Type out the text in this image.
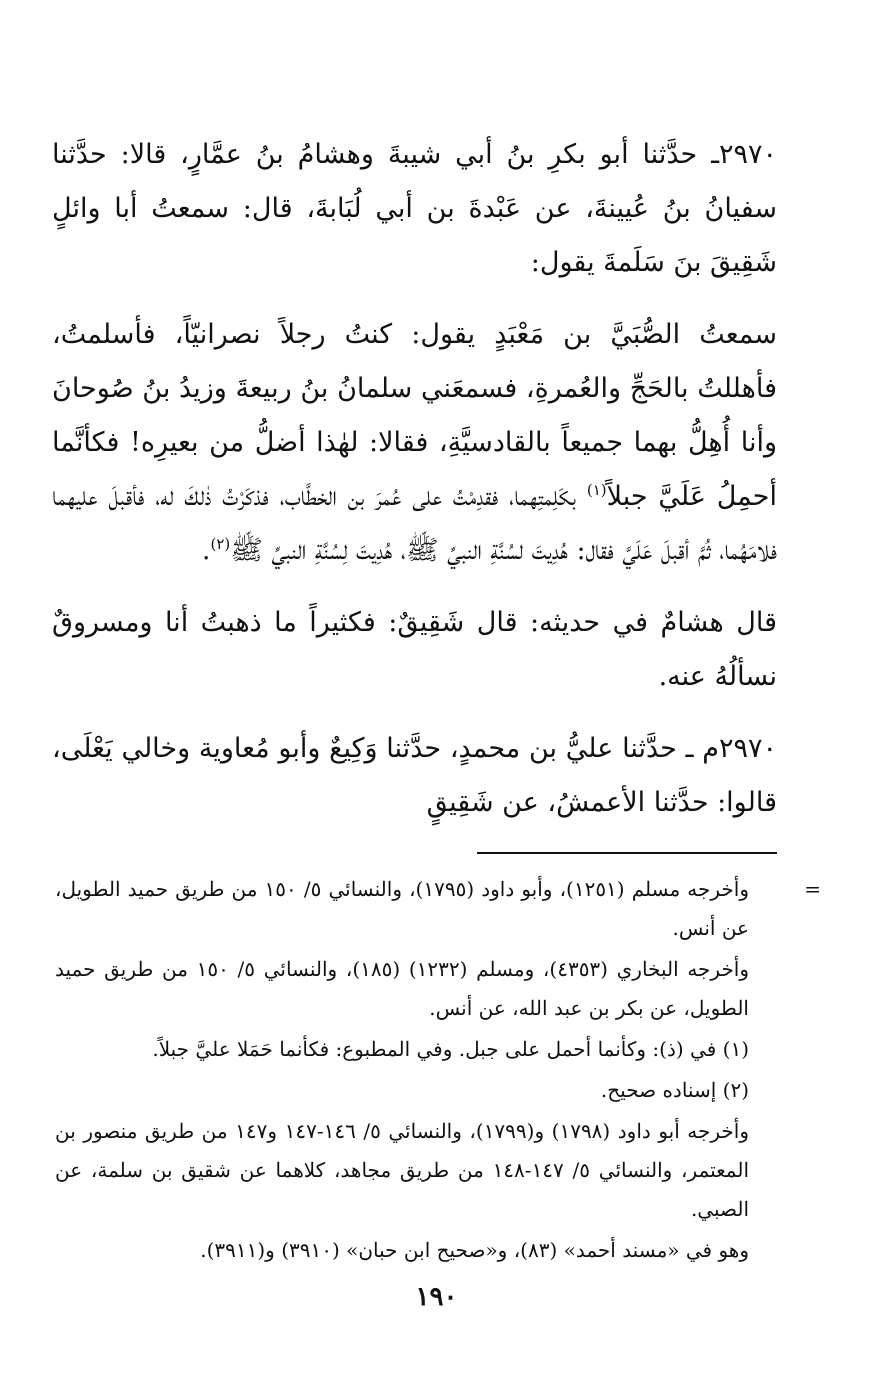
٢٩٧٠ـ حدَّثنا أبو بكرِ بنُ أبي شيبةَ وهشامُ بنُ عمَّارٍ، قالا: حدَّثنا سفيانُ بنُ عُيينةَ، عن عَبْدةَ بن أبي لُبَابةَ، قال: سمعتُ أبا وائلٍ شَقِيقَ بنَ سَلَمةَ يقول:

سمعتُ الصُّبَيَّ بن مَعْبَدٍ يقول: كنتُ رجلاً نصرانيّاً، فأسلمتُ، فأهللتُ بالحَجِّ والعُمرةِ، فسمعَني سلمانُ بنُ ربيعةَ وزيدُ بنُ صُوحانَ وأنا أُهِلُّ بهما جميعاً بالقادسيَّةِ، فقالا: لهٰذا أضلُّ من بعيرِه! فكأنَّما أحمِلُ عَلَيَّ جبلاً$^{(١)}$ بكَلِمتِهما، فقدِمْتُ على عُمرَ بن الخطَّاب، فذكَرْتُ ذٰلكَ له، فأقبلَ عليهما فلامَهُما، ثُمَّ أقبلَ عَلَيَّ فقال: هُدِيتَ لسُنَّةِ النبيِّ ﷺ، هُدِيتَ لِسُنَّةِ النبيِّ ﷺ$^{(٢)}$.

قال هشامٌ في حديثه: قال شَقِيقٌ: فكثيراً ما ذهبتُ أنا ومسروقٌ نسألُهُ عنه.

٢٩٧٠م ـ حدَّثنا عليُّ بن محمدٍ، حدَّثنا وَكِيعٌ وأبو مُعاوية وخالي يَعْلَى، قالوا: حدَّثنا الأعمشُ، عن شَقِيقٍ

=

وأخرجه مسلم (١٢٥١)، وأبو داود (١٧٩٥)، والنسائي ٥/ ١٥٠ من طريق حميد الطويل، عن أنس.

وأخرجه البخاري (٤٣٥٣)، ومسلم (١٢٣٢) (١٨٥)، والنسائي ٥/ ١٥٠ من طريق حميد الطويل، عن بكر بن عبد الله، عن أنس.

(١) في (ذ): وكأنما أحمل على جبل. وفي المطبوع: فكأنما حَمَلا عليَّ جبلاً.

(٢) إسناده صحيح.

وأخرجه أبو داود (١٧٩٨) و(١٧٩٩)، والنسائي ٥/ ١٤٦-١٤٧ و١٤٧ من طريق منصور بن المعتمر، والنسائي ٥/ ١٤٧-١٤٨ من طريق مجاهد، كلاهما عن شقيق بن سلمة، عن الصبي.

وهو في «مسند أحمد» (٨٣)، و«صحيح ابن حبان» (٣٩١٠) و(٣٩١١).

١٩٠
